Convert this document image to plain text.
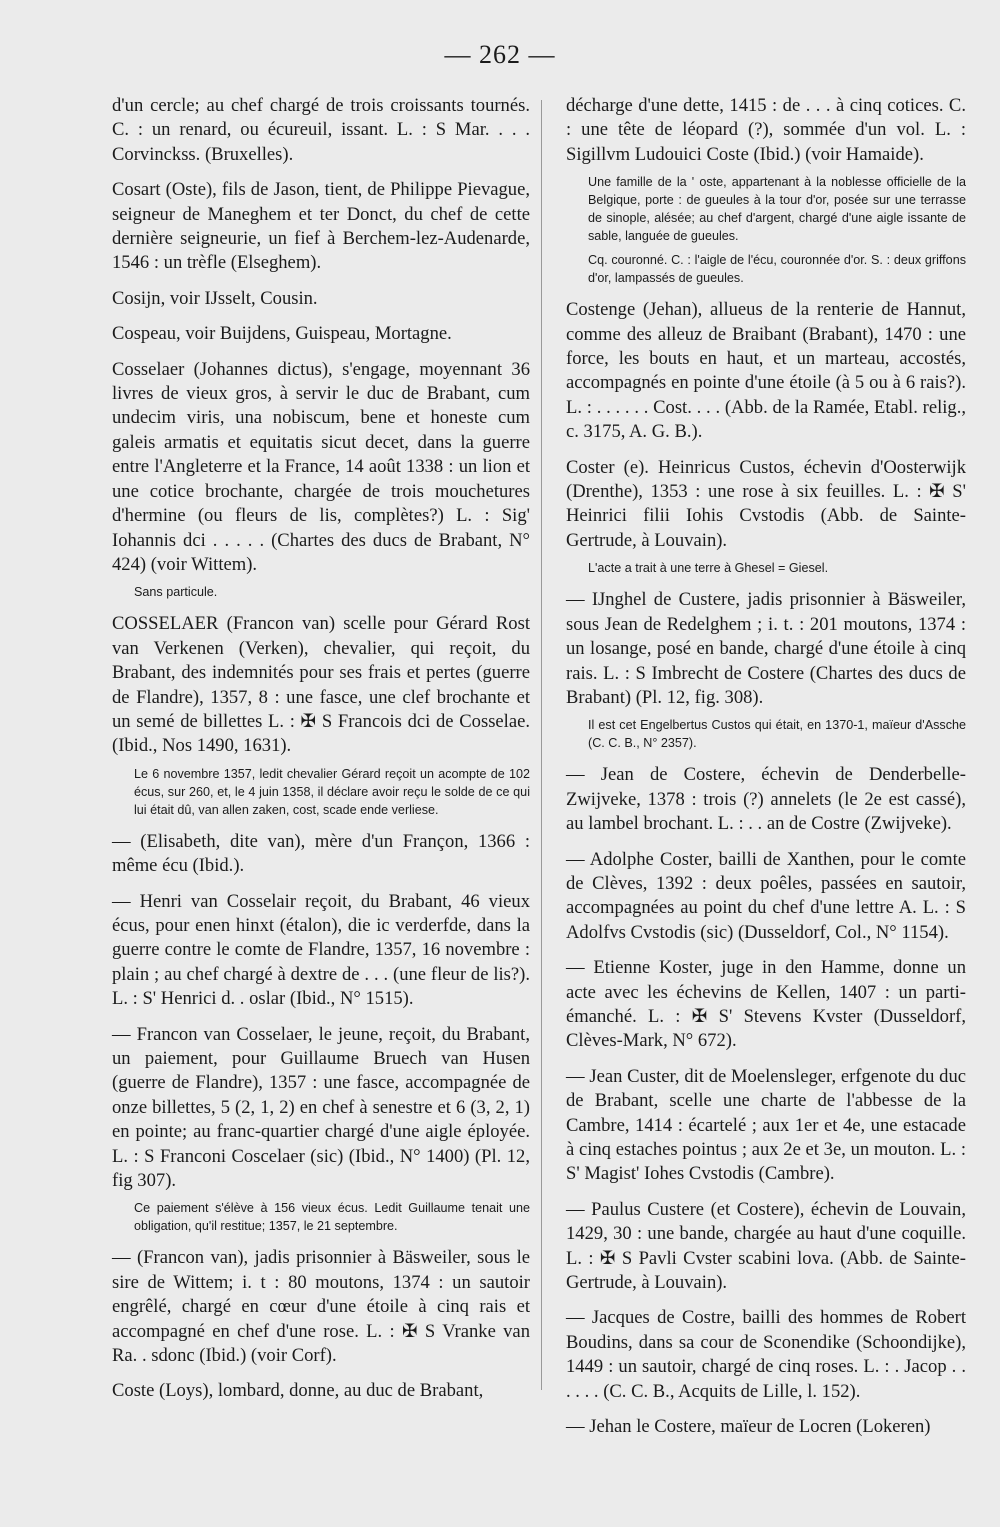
— 262 —

d'un cercle; au chef chargé de trois croissants tournés. C. : un renard, ou écureuil, issant. L. : S Mar. . . . Corvinckss. (Bruxelles).

Cosart (Oste), fils de Jason, tient, de Philippe Pievague, seigneur de Maneghem et ter Donct, du chef de cette dernière seigneurie, un fief à Berchem-lez-Audenarde, 1546 : un trèfle (Elseghem).

Cosijn, voir IJsselt, Cousin.

Cospeau, voir Buijdens, Guispeau, Mortagne.

Cosselaer (Johannes dictus), s'engage, moyennant 36 livres de vieux gros, à servir le duc de Brabant, cum undecim viris, una nobiscum, bene et honeste cum galeis armatis et equitatis sicut decet, dans la guerre entre l'Angleterre et la France, 14 août 1338 : un lion et une cotice brochante, chargée de trois mouchetures d'hermine (ou fleurs de lis, complètes?) L. : Sig' Iohannis dci . . . . . (Chartes des ducs de Brabant, N° 424) (voir Wittem).

Sans particule.

COSSELAER (Francon van) scelle pour Gérard Rost van Verkenen (Verken), chevalier, qui reçoit, du Brabant, des indemnités pour ses frais et pertes (guerre de Flandre), 1357, 8 : une fasce, une clef brochante et un semé de billettes L. : ✠ S Francois dci de Cosselae. (Ibid., Nos 1490, 1631).

Le 6 novembre 1357, ledit chevalier Gérard reçoit un acompte de 102 écus, sur 260, et, le 4 juin 1358, il déclare avoir reçu le solde de ce qui lui était dû, van allen zaken, cost, scade ende verliese.

— (Elisabeth, dite van), mère d'un Françon, 1366 : même écu (Ibid.).

— Henri van Cosselair reçoit, du Brabant, 46 vieux écus, pour enen hinxt (étalon), die ic verderfde, dans la guerre contre le comte de Flandre, 1357, 16 novembre : plain ; au chef chargé à dextre de . . . (une fleur de lis?). L. : S' Henrici d. . oslar (Ibid., N° 1515).

— Francon van Cosselaer, le jeune, reçoit, du Brabant, un paiement, pour Guillaume Bruech van Husen (guerre de Flandre), 1357 : une fasce, accompagnée de onze billettes, 5 (2, 1, 2) en chef à senestre et 6 (3, 2, 1) en pointe; au franc-quartier chargé d'une aigle éployée. L. : S Franconi Coscelaer (sic) (Ibid., N° 1400) (Pl. 12, fig 307).

Ce paiement s'élève à 156 vieux écus. Ledit Guillaume tenait une obligation, qu'il restitue; 1357, le 21 septembre.

— (Francon van), jadis prisonnier à Bäsweiler, sous le sire de Wittem; i. t : 80 moutons, 1374 : un sautoir engrêlé, chargé en cœur d'une étoile à cinq rais et accompagné en chef d'une rose. L. : ✠ S Vranke van Ra. . sdonc (Ibid.) (voir Corf).

Coste (Loys), lombard, donne, au duc de Brabant,

décharge d'une dette, 1415 : de . . . à cinq cotices. C. : une tête de léopard (?), sommée d'un vol. L. : Sigillvm Ludouici Coste (Ibid.) (voir Hamaide).

Une famille de la ' oste, appartenant à la noblesse officielle de la Belgique, porte : de gueules à la tour d'or, posée sur une terrasse de sinople, alésée; au chef d'argent, chargé d'une aigle issante de sable, languée de gueules.

Cq. couronné. C. : l'aigle de l'écu, couronnée d'or. S. : deux griffons d'or, lampassés de gueules.

Costenge (Jehan), allueus de la renterie de Hannut, comme des alleuz de Braibant (Brabant), 1470 : une force, les bouts en haut, et un marteau, accostés, accompagnés en pointe d'une étoile (à 5 ou à 6 rais?). L. : . . . . . . Cost. . . . (Abb. de la Ramée, Etabl. relig., c. 3175, A. G. B.).

Coster (e). Heinricus Custos, échevin d'Oosterwijk (Drenthe), 1353 : une rose à six feuilles. L. : ✠ S' Heinrici filii Iohis Cvstodis (Abb. de Sainte-Gertrude, à Louvain).

L'acte a trait à une terre à Ghesel = Giesel.

— IJnghel de Custere, jadis prisonnier à Bäsweiler, sous Jean de Redelghem ; i. t. : 201 moutons, 1374 : un losange, posé en bande, chargé d'une étoile à cinq rais. L. : S Imbrecht de Costere (Chartes des ducs de Brabant) (Pl. 12, fig. 308).

Il est cet Engelbertus Custos qui était, en 1370-1, maïeur d'Assche (C. C. B., N° 2357).

— Jean de Costere, échevin de Denderbelle-Zwijveke, 1378 : trois (?) annelets (le 2e est cassé), au lambel brochant. L. : . . an de Costre (Zwijveke).

— Adolphe Coster, bailli de Xanthen, pour le comte de Clèves, 1392 : deux poêles, passées en sautoir, accompagnées au point du chef d'une lettre A. L. : S Adolfvs Cvstodis (sic) (Dusseldorf, Col., N° 1154).

— Etienne Koster, juge in den Hamme, donne un acte avec les échevins de Kellen, 1407 : un parti-émanché. L. : ✠ S' Stevens Kvster (Dusseldorf, Clèves-Mark, N° 672).

— Jean Custer, dit de Moelensleger, erfgenote du duc de Brabant, scelle une charte de l'abbesse de la Cambre, 1414 : écartelé ; aux 1er et 4e, une estacade à cinq estaches pointus ; aux 2e et 3e, un mouton. L. : S' Magist' Iohes Cvstodis (Cambre).

— Paulus Custere (et Costere), échevin de Louvain, 1429, 30 : une bande, chargée au haut d'une coquille. L. : ✠ S Pavli Cvster scabini lova. (Abb. de Sainte-Gertrude, à Louvain).

— Jacques de Costre, bailli des hommes de Robert Boudins, dans sa cour de Sconendike (Schoondijke), 1449 : un sautoir, chargé de cinq roses. L. : . Jacop . . . . . . (C. C. B., Acquits de Lille, l. 152).

— Jehan le Costere, maïeur de Locren (Lokeren)
